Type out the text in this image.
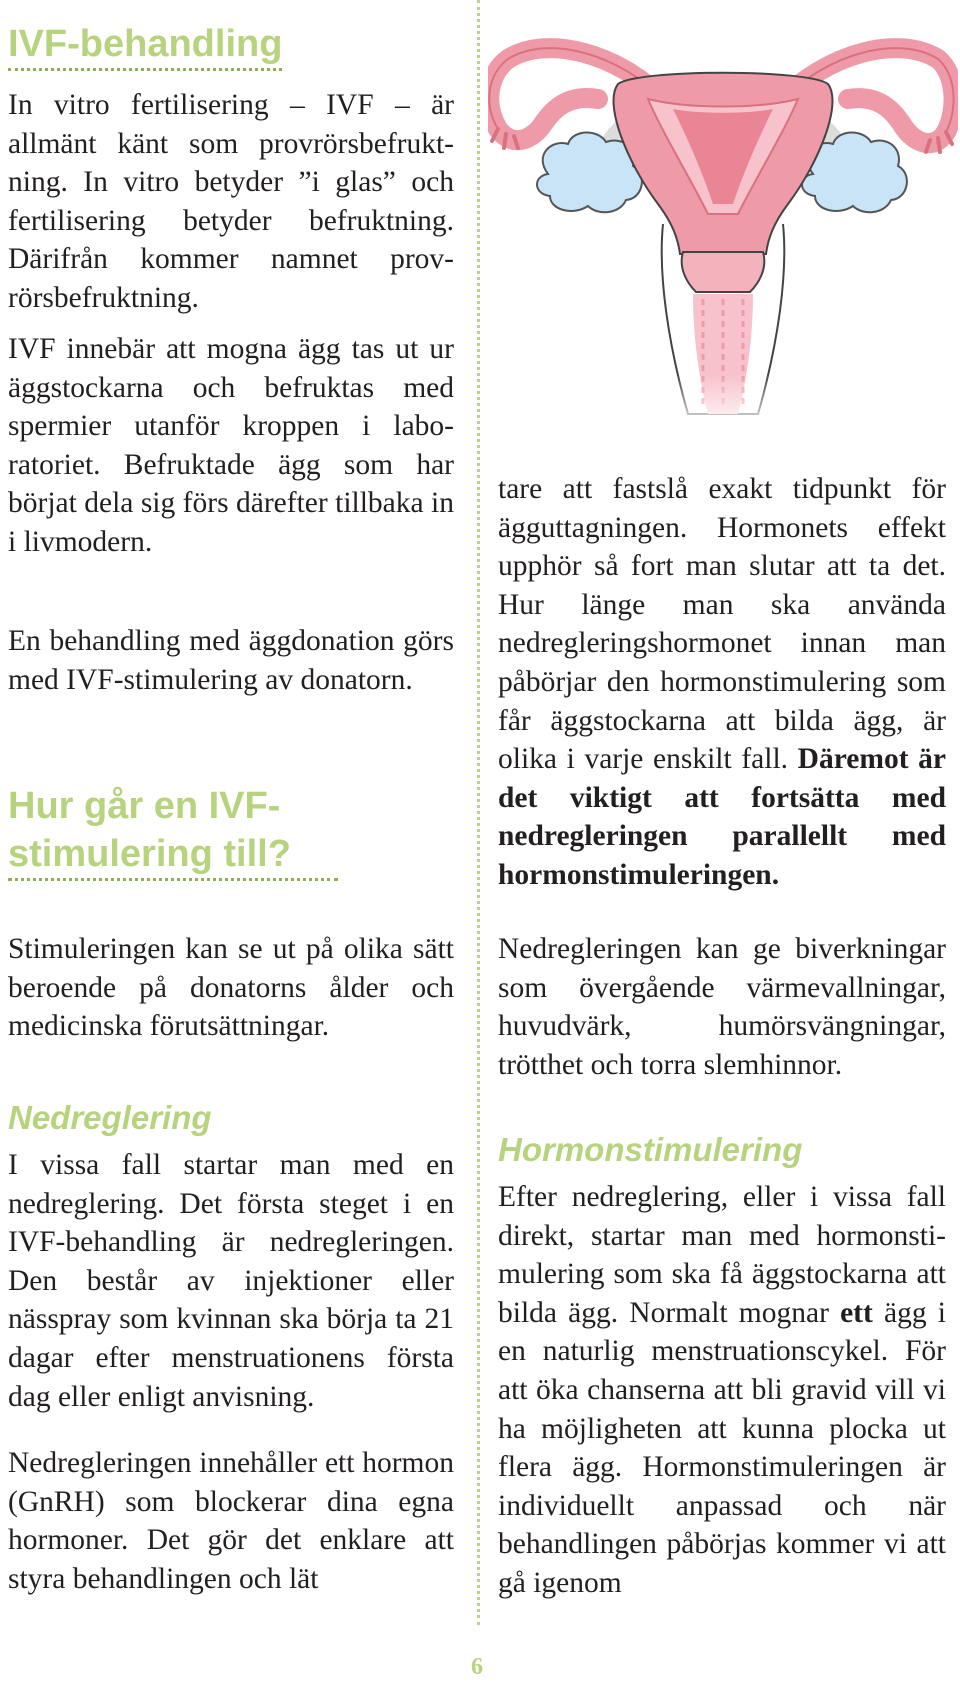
IVF-behandling

In vitro fertilisering – IVF – är allmänt känt som provrörsbefruktning. In vitro betyder ”i glas” och fertilisering betyder befruktning. Därifrån kommer namnet provrörsbefruktning.

IVF innebär att mogna ägg tas ut ur äggstockarna och befruktas med spermier utanför kroppen i laboratoriet. Befruktade ägg som har börjat dela sig förs därefter tillbaka in i livmodern.

En behandling med äggdonation görs med IVF-stimulering av donatorn.

Hur går en IVF-stimulering till?

Stimuleringen kan se ut på olika sätt beroende på donatorns ålder och medicinska förutsättningar.

Nedreglering

I vissa fall startar man med en nedreglering. Det första steget i en IVF-behandling är nedregleringen. Den består av injektioner eller nässpray som kvinnan ska börja ta 21 dagar efter menstruationens första dag eller enligt anvisning.

Nedregleringen innehåller ett hormon (GnRH) som blockerar dina egna hormoner. Det gör det enklare att styra behandlingen och lät

tare att fastslå exakt tidpunkt för ägguttagningen. Hormonets effekt upphör så fort man slutar att ta det. Hur länge man ska använda nedregleringshormonet innan man påbörjar den hormonstimulering som får äggstockarna att bilda ägg, är olika i varje enskilt fall. Däremot är det viktigt att fortsätta med nedregleringen parallellt med hormonstimuleringen.

Nedregleringen kan ge biverkningar som övergående värmevallningar, huvudvärk, humörsvängningar, trötthet och torra slemhinnor.

Hormonstimulering

Efter nedreglering, eller i vissa fall direkt, startar man med hormonstimulering som ska få äggstockarna att bilda ägg. Normalt mognar ett ägg i en naturlig menstruationscykel. För att öka chanserna att bli gravid vill vi ha möjligheten att kunna plocka ut flera ägg. Hormonstimuleringen är individuellt anpassad och när behandlingen påbörjas kommer vi att gå igenom

6
